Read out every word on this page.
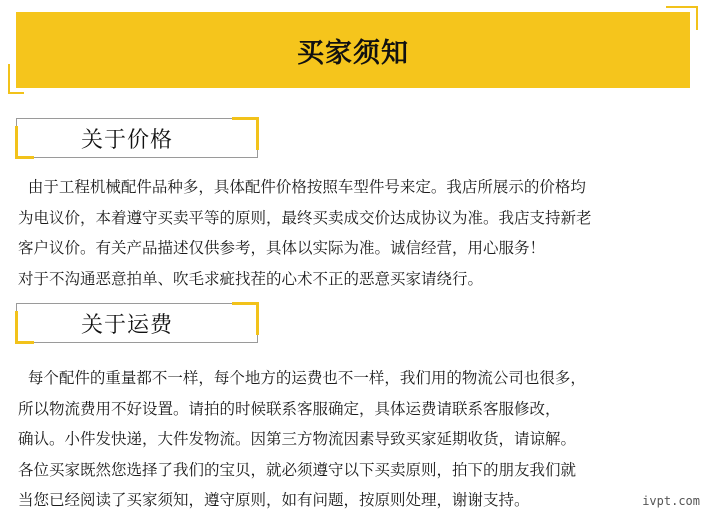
买家须知
关于价格
由于工程机械配件品种多，具体配件价格按照车型件号来定。我店所展示的价格均
为电议价，本着遵守买卖平等的原则，最终买卖成交价达成协议为准。我店支持新老
客户议价。有关产品描述仅供参考，具体以实际为准。诚信经营，用心服务！
对于不沟通恶意拍单、吹毛求疵找茬的心术不正的恶意买家请绕行。
关于运费
每个配件的重量都不一样，每个地方的运费也不一样，我们用的物流公司也很多，
所以物流费用不好设置。请拍的时候联系客服确定，具体运费请联系客服修改，
确认。小件发快递，大件发物流。因第三方物流因素导致买家延期收货，请谅解。
各位买家既然您选择了我们的宝贝，就必须遵守以下买卖原则，拍下的朋友我们就
当您已经阅读了买家须知，遵守原则，如有问题，按原则处理，谢谢支持。	ivpt.com
